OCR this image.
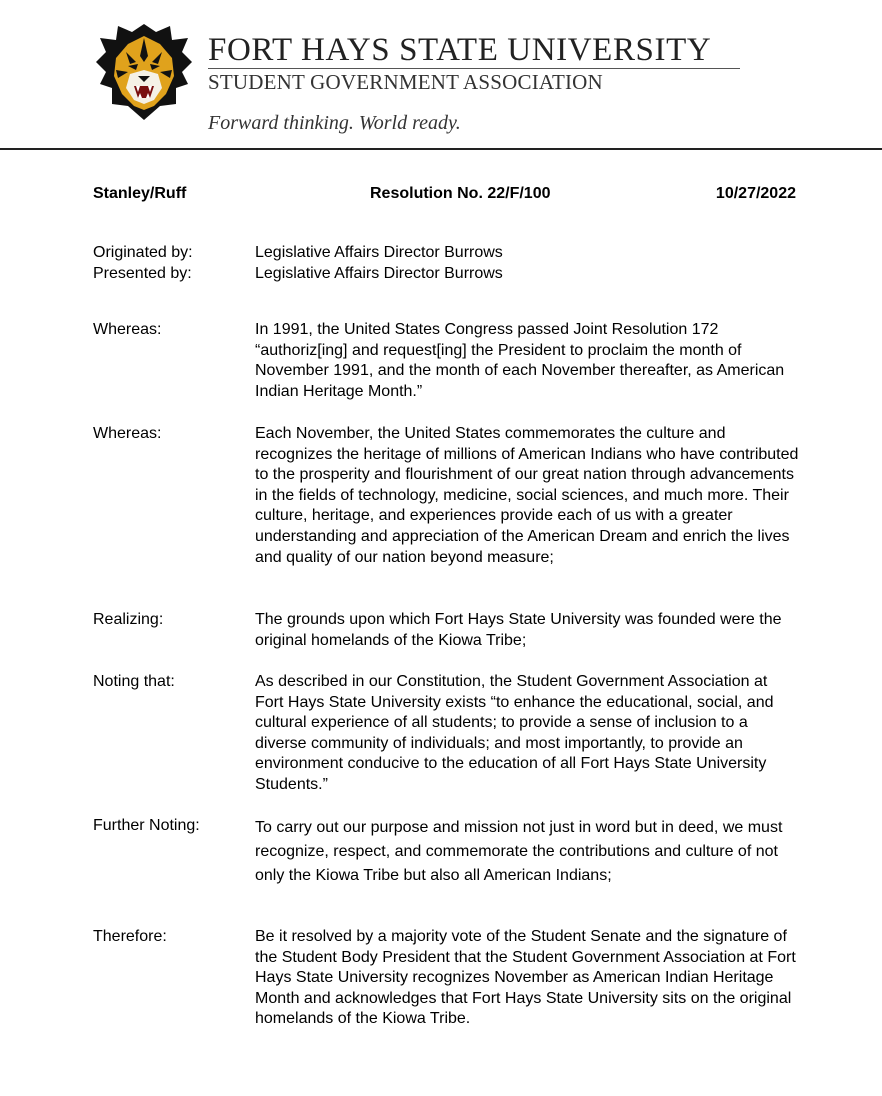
FORT HAYS STATE UNIVERSITY
STUDENT GOVERNMENT ASSOCIATION
Forward thinking. World ready.
Stanley/Ruff	Resolution No. 22/F/100	10/27/2022
Originated by:	Legislative Affairs Director Burrows
Presented by:	Legislative Affairs Director Burrows
Whereas:	In 1991, the United States Congress passed Joint Resolution 172 “authoriz[ing] and request[ing] the President to proclaim the month of November 1991, and the month of each November thereafter, as American Indian Heritage Month.”
Whereas:	Each November, the United States commemorates the culture and recognizes the heritage of millions of American Indians who have contributed to the prosperity and flourishment of our great nation through advancements in the fields of technology, medicine, social sciences, and much more. Their culture, heritage, and experiences provide each of us with a greater understanding and appreciation of the American Dream and enrich the lives and quality of our nation beyond measure;
Realizing:	The grounds upon which Fort Hays State University was founded were the original homelands of the Kiowa Tribe;
Noting that:	As described in our Constitution, the Student Government Association at Fort Hays State University exists “to enhance the educational, social, and cultural experience of all students; to provide a sense of inclusion to a diverse community of individuals; and most importantly, to provide an environment conducive to the education of all Fort Hays State University Students.”
Further Noting:	To carry out our purpose and mission not just in word but in deed, we must recognize, respect, and commemorate the contributions and culture of not only the Kiowa Tribe but also all American Indians;
Therefore:	Be it resolved by a majority vote of the Student Senate and the signature of the Student Body President that the Student Government Association at Fort Hays State University recognizes November as American Indian Heritage Month and acknowledges that Fort Hays State University sits on the original homelands of the Kiowa Tribe.
